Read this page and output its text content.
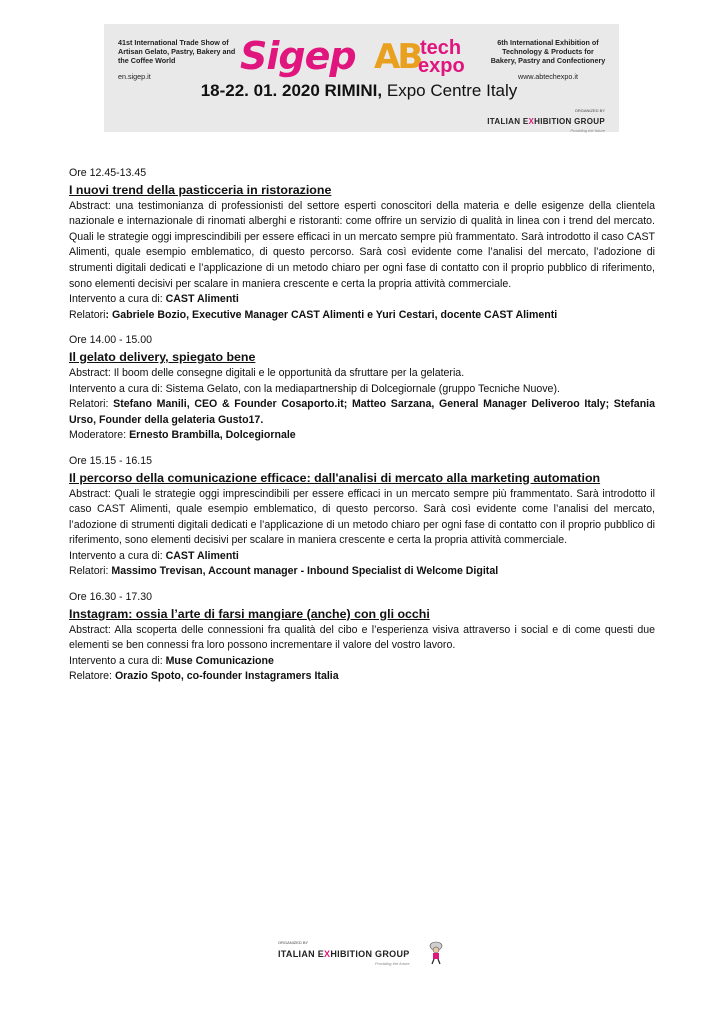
41st International Trade Show of Artisan Gelato, Pastry, Bakery and the Coffee World
en.sigep.it	Sigep AB tech
expo
6th International Exhibition of Technology & Products for Bakery, Pastry and Confectionery
www.abtechexpo.it
18-22. 01. 2020 RIMINI, Expo Centre Italy
ORGANIZED BY
ITALIAN EXHIBITION GROUP
Providing the future
Ore 12.45-13.45
I nuovi trend della pasticceria in ristorazione
Abstract: una testimonianza di professionisti del settore esperti conoscitori della materia e delle esigenze della clientela nazionale e internazionale di rinomati alberghi e ristoranti: come offrire un servizio di qualità in linea con i trend del mercato. Quali le strategie oggi imprescindibili per essere efficaci in un mercato sempre più frammentato. Sarà introdotto il caso CAST Alimenti, quale esempio emblematico, di questo percorso. Sarà così evidente come l’analisi del mercato, l’adozione di strumenti digitali dedicati e l’applicazione di un metodo chiaro per ogni fase di contatto con il proprio pubblico di riferimento, sono elementi decisivi per scalare in maniera crescente e certa la propria attività commerciale.
Intervento a cura di: CAST Alimenti
Relatori: Gabriele Bozio, Executive Manager CAST Alimenti e Yuri Cestari, docente CAST Alimenti
Ore 14.00 - 15.00
Il gelato delivery, spiegato bene
Abstract: Il boom delle consegne digitali e le opportunità da sfruttare per la gelateria.
Intervento a cura di: Sistema Gelato, con la mediapartnership di Dolcegiornale (gruppo Tecniche Nuove).
Relatori: Stefano Manili, CEO & Founder Cosaporto.it; Matteo Sarzana, General Manager Deliveroo Italy; Stefania Urso, Founder della gelateria Gusto17.
Moderatore: Ernesto Brambilla, Dolcegiornale
Ore 15.15 - 16.15
Il percorso della comunicazione efficace: dall'analisi di mercato alla marketing automation
Abstract: Quali le strategie oggi imprescindibili per essere efficaci in un mercato sempre più frammentato. Sarà introdotto il caso CAST Alimenti, quale esempio emblematico, di questo percorso. Sarà così evidente come l’analisi del mercato, l’adozione di strumenti digitali dedicati e l’applicazione di un metodo chiaro per ogni fase di contatto con il proprio pubblico di riferimento, sono elementi decisivi per scalare in maniera crescente e certa la propria attività commerciale.
Intervento a cura di: CAST Alimenti
Relatori: Massimo Trevisan, Account manager - Inbound Specialist di Welcome Digital
Ore 16.30 - 17.30
Instagram: ossia l’arte di farsi mangiare (anche) con gli occhi
Abstract: Alla scoperta delle connessioni fra qualità del cibo e l’esperienza visiva attraverso i social e di come questi due elementi se ben connessi fra loro possono incrementare il valore del vostro lavoro.
Intervento a cura di: Muse Comunicazione
Relatore: Orazio Spoto, co-founder Instagramers Italia
ORGANIZED BY
ITALIAN EXHIBITION GROUP
Providing the future
